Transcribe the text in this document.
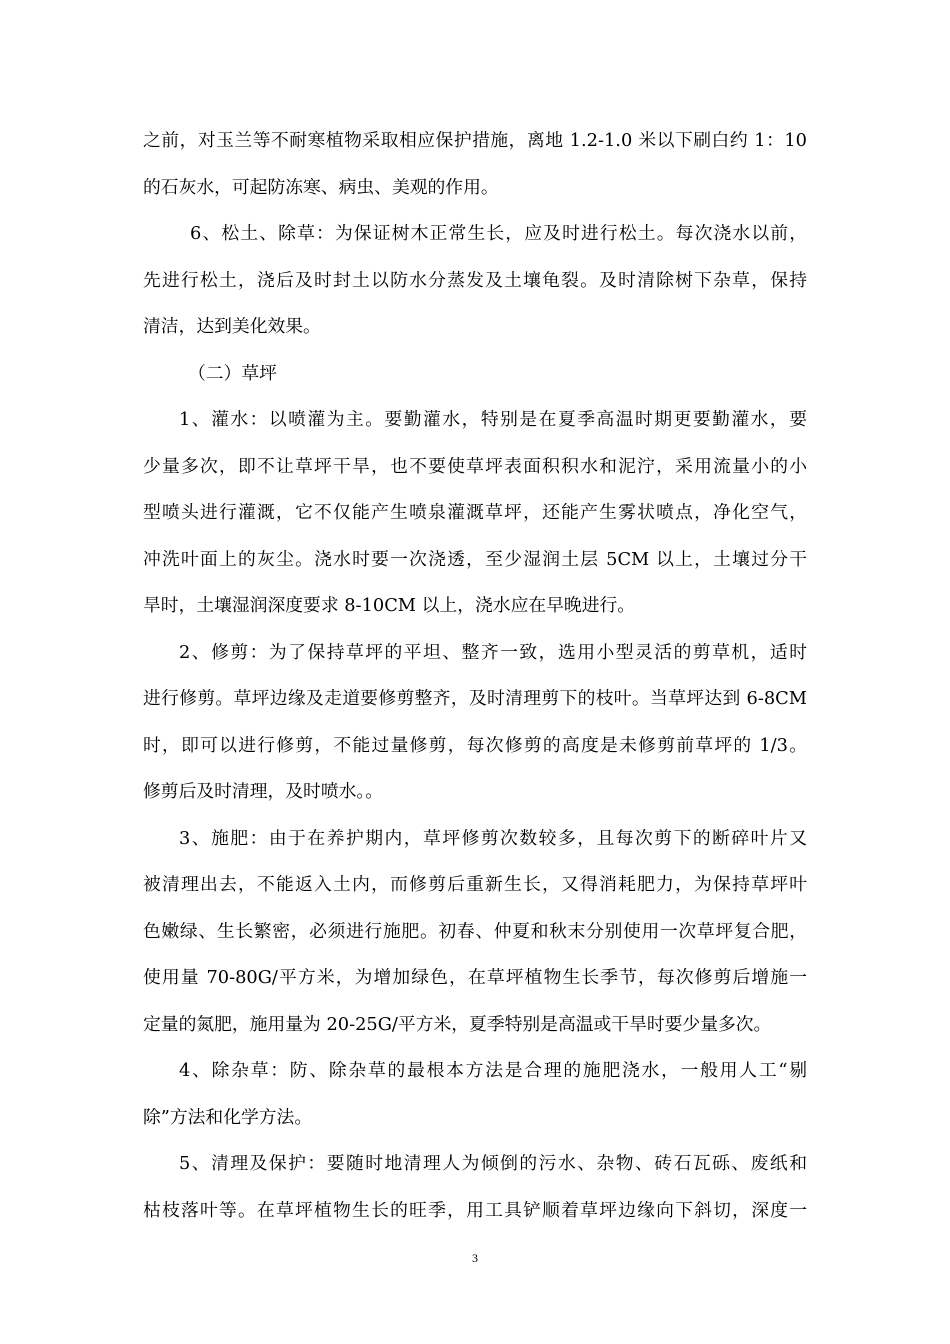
之前，对玉兰等不耐寒植物采取相应保护措施，离地 1.2-1.0 米以下刷白约 1：10
的石灰水，可起防冻寒、病虫、美观的作用。
6、松土、除草：为保证树木正常生长，应及时进行松土。每次浇水以前，
先进行松土，浇后及时封土以防水分蒸发及土壤龟裂。及时清除树下杂草，保持
清洁，达到美化效果。
（二）草坪
1、灌水：以喷灌为主。要勤灌水，特别是在夏季高温时期更要勤灌水，要
少量多次，即不让草坪干旱，也不要使草坪表面积积水和泥泞，采用流量小的小
型喷头进行灌溉，它不仅能产生喷泉灌溉草坪，还能产生雾状喷点，净化空气，
冲洗叶面上的灰尘。浇水时要一次浇透，至少湿润土层 5CM 以上，土壤过分干
旱时，土壤湿润深度要求 8-10CM 以上，浇水应在早晚进行。
2、修剪：为了保持草坪的平坦、整齐一致，选用小型灵活的剪草机，适时
进行修剪。草坪边缘及走道要修剪整齐，及时清理剪下的枝叶。当草坪达到 6-8CM
时，即可以进行修剪，不能过量修剪，每次修剪的高度是未修剪前草坪的 1/3。
修剪后及时清理，及时喷水。。
3、施肥：由于在养护期内，草坪修剪次数较多，且每次剪下的断碎叶片又
被清理出去，不能返入土内，而修剪后重新生长，又得消耗肥力，为保持草坪叶
色嫩绿、生长繁密，必须进行施肥。初春、仲夏和秋末分别使用一次草坪复合肥，
使用量 70-80G/平方米，为增加绿色，在草坪植物生长季节，每次修剪后增施一
定量的氮肥，施用量为 20-25G/平方米，夏季特别是高温或干旱时要少量多次。
4、除杂草：防、除杂草的最根本方法是合理的施肥浇水，一般用人工“剔
除”方法和化学方法。
5、清理及保护：要随时地清理人为倾倒的污水、杂物、砖石瓦砾、废纸和
枯枝落叶等。在草坪植物生长的旺季，用工具铲顺着草坪边缘向下斜切，深度一
3
